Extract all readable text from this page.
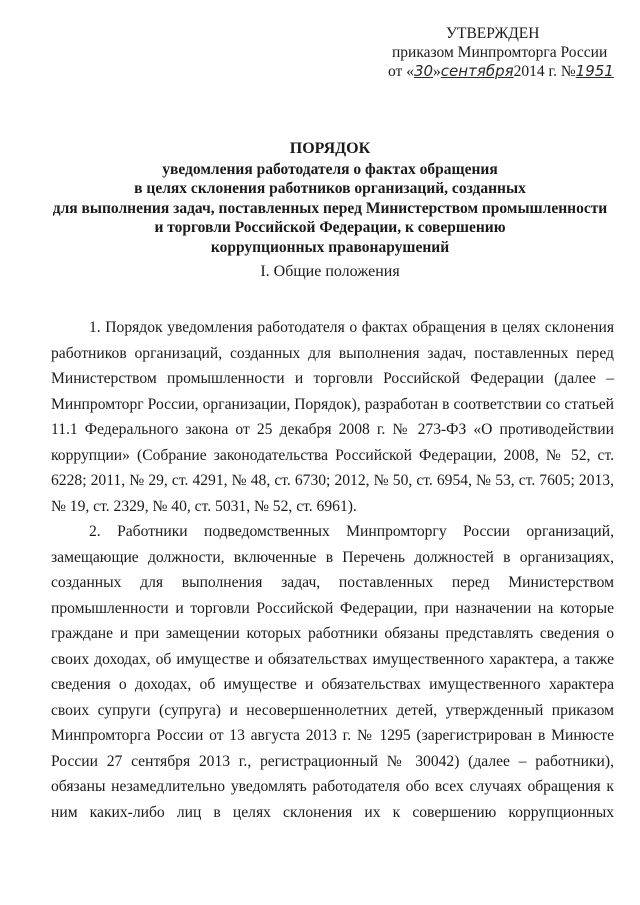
УТВЕРЖДЕН
приказом Минпромторга России
от «30»сентября2014 г. №1951
ПОРЯДОК
уведомления работодателя о фактах обращения
в целях склонения работников организаций, созданных
для выполнения задач, поставленных перед Министерством промышленности
и торговли Российской Федерации, к совершению
коррупционных правонарушений
I. Общие положения

1. Порядок уведомления работодателя о фактах обращения в целях склонения работников организаций, созданных для выполнения задач, поставленных перед Министерством промышленности и торговли Российской Федерации (далее – Минпромторг России, организации, Порядок), разработан в соответствии со статьей 11.1 Федерального закона от 25 декабря 2008 г. № 273-ФЗ «О противодействии коррупции» (Собрание законодательства Российской Федерации, 2008, № 52, ст. 6228; 2011, № 29, ст. 4291, № 48, ст. 6730; 2012, № 50, ст. 6954, № 53, ст. 7605; 2013, № 19, ст. 2329, № 40, ст. 5031, № 52, ст. 6961).

2. Работники подведомственных Минпромторгу России организаций, замещающие должности, включенные в Перечень должностей в организациях, созданных для выполнения задач, поставленных перед Министерством промышленности и торговли Российской Федерации, при назначении на которые граждане и при замещении которых работники обязаны представлять сведения о своих доходах, об имуществе и обязательствах имущественного характера, а также сведения о доходах, об имуществе и обязательствах имущественного характера своих супруги (супруга) и несовершеннолетних детей, утвержденный приказом Минпромторга России от 13 августа 2013 г. № 1295 (зарегистрирован в Минюсте России 27 сентября 2013 г., регистрационный № 30042) (далее – работники), обязаны незамедлительно уведомлять работодателя обо всех случаях обращения к ним каких-либо лиц в целях склонения их к совершению коррупционных
